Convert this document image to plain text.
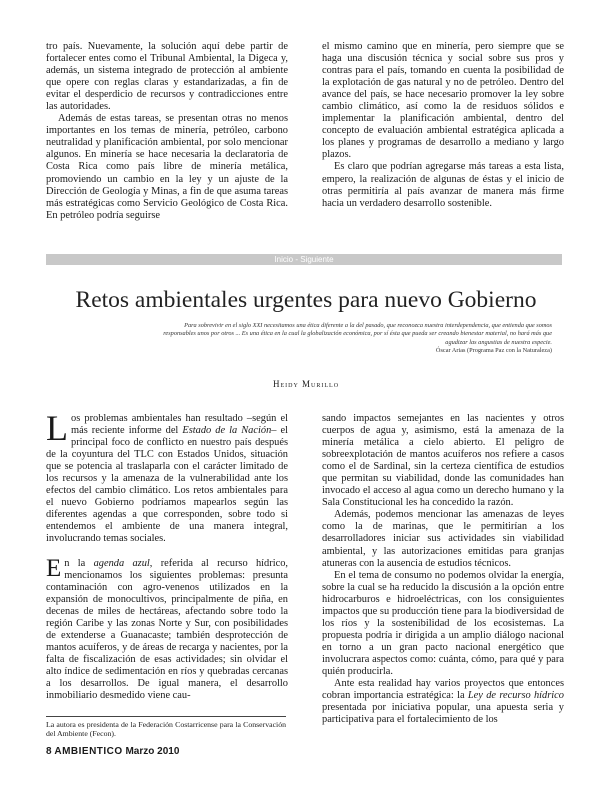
tro país. Nuevamente, la solución aquí debe partir de fortalecer entes como el Tribunal Ambiental, la Digeca y, además, un sistema integrado de protección al ambiente que opere con reglas claras y estandarizadas, a fin de evitar el desperdicio de recursos y contradicciones entre las autoridades.

Además de estas tareas, se presentan otras no menos importantes en los temas de minería, petróleo, carbono neutralidad y planificación ambiental, por solo mencionar algunos. En minería se hace necesaria la declaratoria de Costa Rica como país libre de minería metálica, promoviendo un cambio en la ley y un ajuste de la Dirección de Geología y Minas, a fin de que asuma tareas más estratégicas como Servicio Geológico de Costa Rica. En petróleo podría seguirse

el mismo camino que en minería, pero siempre que se haga una discusión técnica y social sobre sus pros y contras para el país, tomando en cuenta la posibilidad de la explotación de gas natural y no de petróleo. Dentro del avance del país, se hace necesario promover la ley sobre cambio climático, así como la de residuos sólidos e implementar la planificación ambiental, dentro del concepto de evaluación ambiental estratégica aplicada a los planes y programas de desarrollo a mediano y largo plazos.

Es claro que podrían agregarse más tareas a esta lista, empero, la realización de algunas de éstas y el inicio de otras permitiría al país avanzar de manera más firme hacia un verdadero desarrollo sostenible.

Inicio - Siguiente
Retos ambientales urgentes para nuevo Gobierno
Para sobrevivir en el siglo XXI necesitamos una ética diferente a la del pasado, que reconozca nuestra interdependencia, que entienda que somos responsables unos por otros ... Es una ética en la cual la globalización económica, por sí ésta que pueda ser creando bienestar material, no hará más que agudizar las angustias de nuestra especie.
Óscar Arias (Programa Paz con la Naturaleza)
Heidy Murillo

Los problemas ambientales han resultado –según el más reciente informe del Estado de la Nación– el principal foco de conflicto en nuestro país después de la coyuntura del TLC con Estados Unidos, situación que se potencia al traslaparla con el carácter limitado de los recursos y la amenaza de la vulnerabilidad ante los efectos del cambio climático. Los retos ambientales para el nuevo Gobierno podríamos mapearlos según las diferentes agendas a que corresponden, sobre todo si entendemos el ambiente de una manera integral, involucrando temas sociales.

En la agenda azul, referida al recurso hídrico, mencionamos los siguientes problemas: presunta contaminación con agro-venenos utilizados en la expansión de monocultivos, principalmente de piña, en decenas de miles de hectáreas, afectando sobre todo la región Caribe y las zonas Norte y Sur, con posibilidades de extenderse a Guanacaste; también desprotección de mantos acuíferos, y de áreas de recarga y nacientes, por la falta de fiscalización de esas actividades; sin olvidar el alto índice de sedimentación en ríos y quebradas cercanas a los desarrollos. De igual manera, el desarrollo inmobiliario desmedido viene cau-

sando impactos semejantes en las nacientes y otros cuerpos de agua y, asimismo, está la amenaza de la minería metálica a cielo abierto. El peligro de sobreexplotación de mantos acuíferos nos refiere a casos como el de Sardinal, sin la certeza científica de estudios que permitan su viabilidad, donde las comunidades han invocado el acceso al agua como un derecho humano y la Sala Constitucional les ha concedido la razón.

Además, podemos mencionar las amenazas de leyes como la de marinas, que le permitirían a los desarrolladores iniciar sus actividades sin viabilidad ambiental, y las autorizaciones emitidas para granjas atuneras con la ausencia de estudios técnicos.

En el tema de consumo no podemos olvidar la energía, sobre la cual se ha reducido la discusión a la opción entre hidrocarburos e hidroeléctricas, con los consiguientes impactos que su producción tiene para la biodiversidad de los ríos y la sostenibilidad de los ecosistemas. La propuesta podría ir dirigida a un amplio diálogo nacional en torno a un gran pacto nacional energético que involucrara aspectos como: cuánta, cómo, para qué y para quién producirla.

Ante esta realidad hay varios proyectos que entonces cobran importancia estratégica: la Ley de recurso hídrico presentada por iniciativa popular, una apuesta seria y participativa para el fortalecimiento de los

La autora es presidenta de la Federación Costarricense para la Conservación del Ambiente (Fecon).
8 AMBIENTICO Marzo 2010
